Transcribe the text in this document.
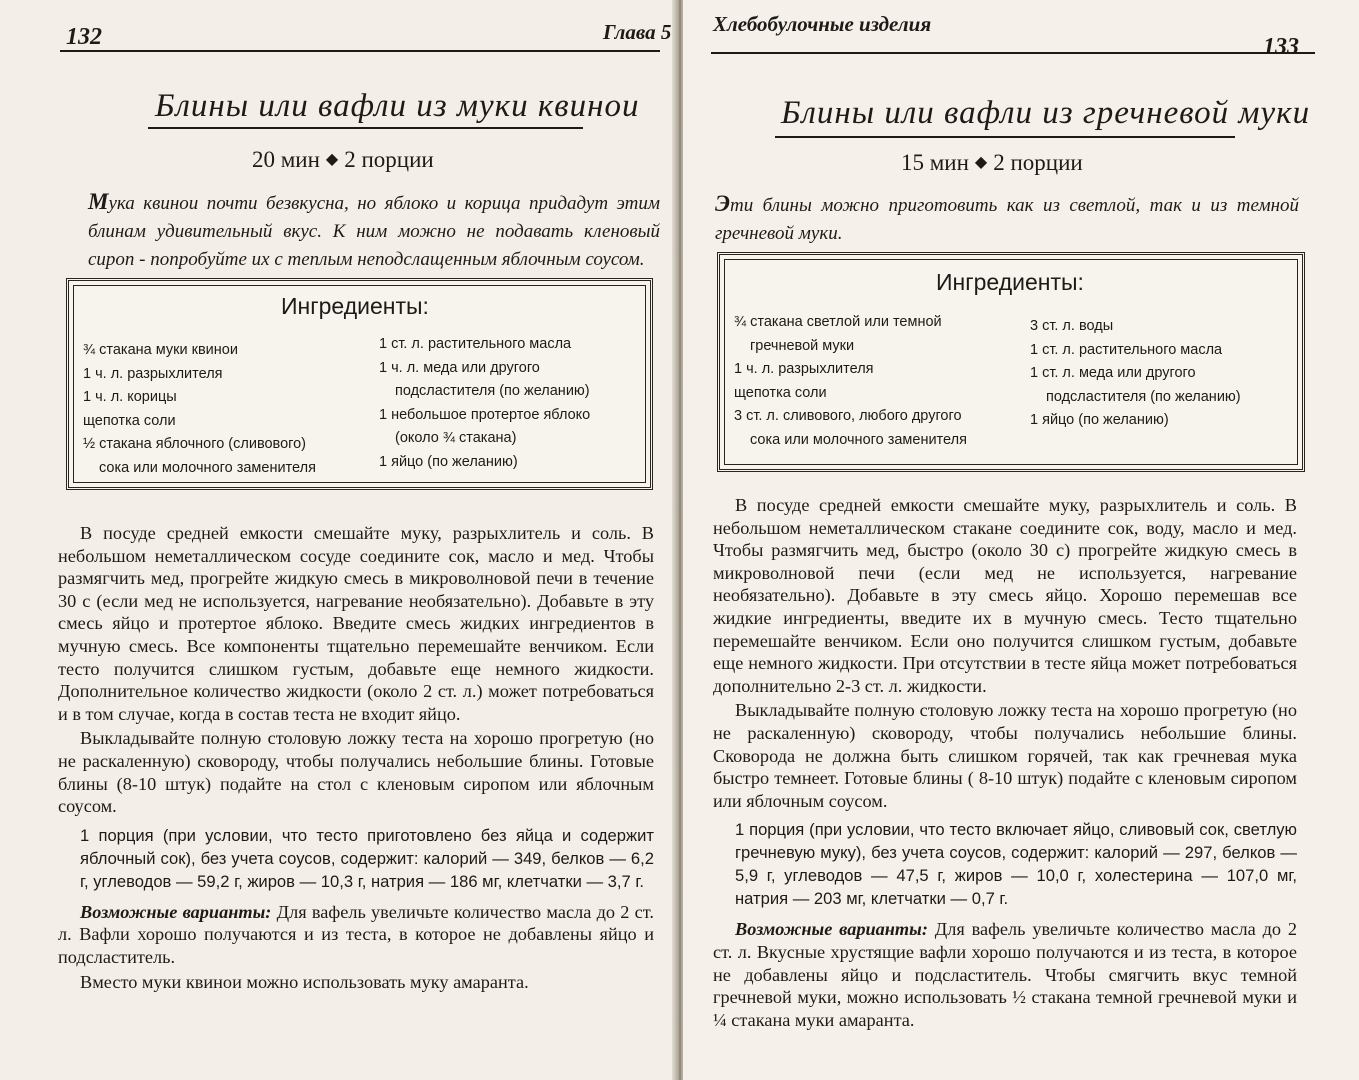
132	Глава 5
Блины или вафли из муки квинои
20 мин ◆ 2 порции
Мука квинои почти безвкусна, но яблоко и корица придадут этим блинам удивительный вкус. К ним можно не подавать кленовый сироп - попробуйте их с теплым неподслащенным яблочным соусом.
Ингредиенты:
¾ стакана муки квинои
1 ч. л. разрыхлителя
1 ч. л. корицы
щепотка соли
½ стакана яблочного (сливового)
сока или молочного заменителя
1 ст. л. растительного масла
1 ч. л. меда или другого
подсластителя (по желанию)
1 небольшое протертое яблоко
(около ¾ стакана)
1 яйцо (по желанию)

В посуде средней емкости смешайте муку, разрыхлитель и соль. В небольшом неметаллическом сосуде соедините сок, масло и мед. Чтобы размягчить мед, прогрейте жидкую смесь в микроволновой печи в течение 30 с (если мед не используется, нагревание необязательно). Добавьте в эту смесь яйцо и протертое яблоко. Введите смесь жидких ингредиентов в мучную смесь. Все компоненты тщательно перемешайте венчиком. Если тесто получится слишком густым, добавьте еще немного жидкости. Дополнительное количество жидкости (около 2 ст. л.) может потребоваться и в том случае, когда в состав теста не входит яйцо.

Выкладывайте полную столовую ложку теста на хорошо прогретую (но не раскаленную) сковороду, чтобы получались небольшие блины. Готовые блины (8-10 штук) подайте на стол с кленовым сиропом или яблочным соусом.

1 порция (при условии, что тесто приготовлено без яйца и содержит яблочный сок), без учета соусов, содержит: калорий — 349, белков — 6,2 г, углеводов — 59,2 г, жиров — 10,3 г, натрия — 186 мг, клетчатки — 3,7 г.

Возможные варианты: Для вафель увеличьте количество масла до 2 ст. л. Вафли хорошо получаются и из теста, в которое не добавлены яйцо и подсластитель.

Вместо муки квинои можно использовать муку амаранта.

Хлебобулочные изделия
133
Блины или вафли из гречневой муки
15 мин ◆ 2 порции
Эти блины можно приготовить как из светлой, так и из темной гречневой муки.
Ингредиенты:
¾ стакана светлой или темной
гречневой муки
1 ч. л. разрыхлителя
щепотка соли
3 ст. л. сливового, любого другого
сока или молочного заменителя
3 ст. л. воды
1 ст. л. растительного масла
1 ст. л. меда или другого
подсластителя (по желанию)
1 яйцо (по желанию)

В посуде средней емкости смешайте муку, разрыхлитель и соль. В небольшом неметаллическом стакане соедините сок, воду, масло и мед. Чтобы размягчить мед, быстро (около 30 с) прогрейте жидкую смесь в микроволновой печи (если мед не используется, нагревание необязательно). Добавьте в эту смесь яйцо. Хорошо перемешав все жидкие ингредиенты, введите их в мучную смесь. Тесто тщательно перемешайте венчиком. Если оно получится слишком густым, добавьте еще немного жидкости. При отсутствии в тесте яйца может потребоваться дополнительно 2-3 ст. л. жидкости.

Выкладывайте полную столовую ложку теста на хорошо прогретую (но не раскаленную) сковороду, чтобы получались небольшие блины. Сковорода не должна быть слишком горячей, так как гречневая мука быстро темнеет. Готовые блины ( 8-10 штук) подайте с кленовым сиропом или яблочным соусом.

1 порция (при условии, что тесто включает яйцо, сливовый сок, светлую гречневую муку), без учета соусов, содержит: калорий — 297, белков — 5,9 г, углеводов — 47,5 г, жиров — 10,0 г, холестерина — 107,0 мг, натрия — 203 мг, клетчатки — 0,7 г.

Возможные варианты: Для вафель увеличьте количество масла до 2 ст. л. Вкусные хрустящие вафли хорошо получаются и из теста, в которое не добавлены яйцо и подсластитель. Чтобы смягчить вкус темной гречневой муки, можно использовать ½ стакана темной гречневой муки и ¼ стакана муки амаранта.
